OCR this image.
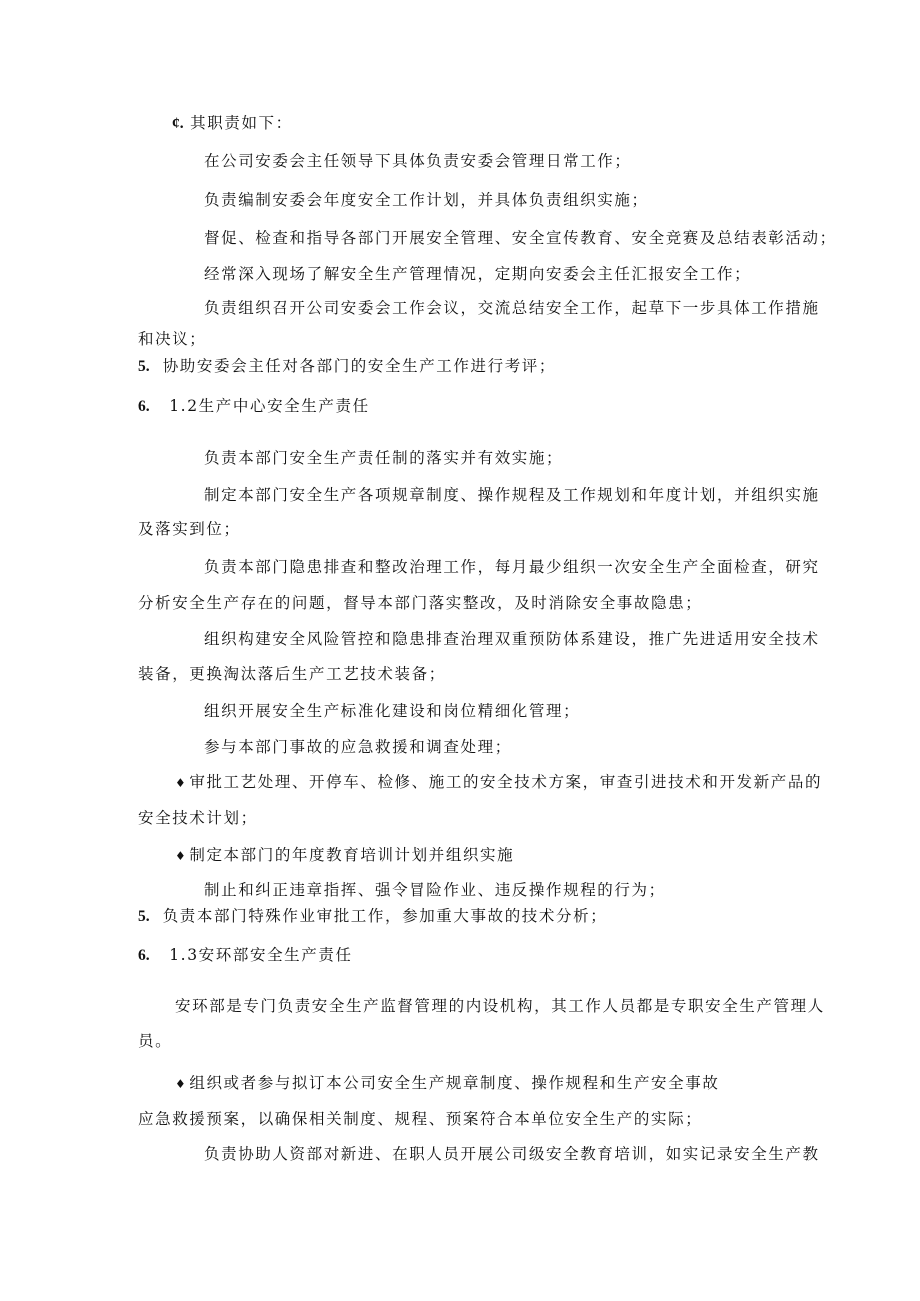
¢. 其职责如下：
在公司安委会主任领导下具体负责安委会管理日常工作；
负责编制安委会年度安全工作计划，并具体负责组织实施；
督促、检查和指导各部门开展安全管理、安全宣传教育、安全竞赛及总结表彰活动；
经常深入现场了解安全生产管理情况，定期向安委会主任汇报安全工作；
负责组织召开公司安委会工作会议，交流总结安全工作，起草下一步具体工作措施
和决议；
5. 协助安委会主任对各部门的安全生产工作进行考评；
6. 1.2生产中心安全生产责任
负责本部门安全生产责任制的落实并有效实施；
制定本部门安全生产各项规章制度、操作规程及工作规划和年度计划，并组织实施
及落实到位；
负责本部门隐患排查和整改治理工作，每月最少组织一次安全生产全面检查，研究
分析安全生产存在的问题，督导本部门落实整改，及时消除安全事故隐患；
组织构建安全风险管控和隐患排查治理双重预防体系建设，推广先进适用安全技术
装备，更换淘汰落后生产工艺技术装备；
组织开展安全生产标准化建设和岗位精细化管理；
参与本部门事故的应急救援和调查处理；
♦ 审批工艺处理、开停车、检修、施工的安全技术方案，审查引进技术和开发新产品的
安全技术计划；
♦ 制定本部门的年度教育培训计划并组织实施
制止和纠正违章指挥、强令冒险作业、违反操作规程的行为；
5. 负责本部门特殊作业审批工作，参加重大事故的技术分析；
6. 1.3安环部安全生产责任
安环部是专门负责安全生产监督管理的内设机构，其工作人员都是专职安全生产管理人
员。
♦ 组织或者参与拟订本公司安全生产规章制度、操作规程和生产安全事故
应急救援预案，以确保相关制度、规程、预案符合本单位安全生产的实际；
负责协助人资部对新进、在职人员开展公司级安全教育培训，如实记录安全生产教
